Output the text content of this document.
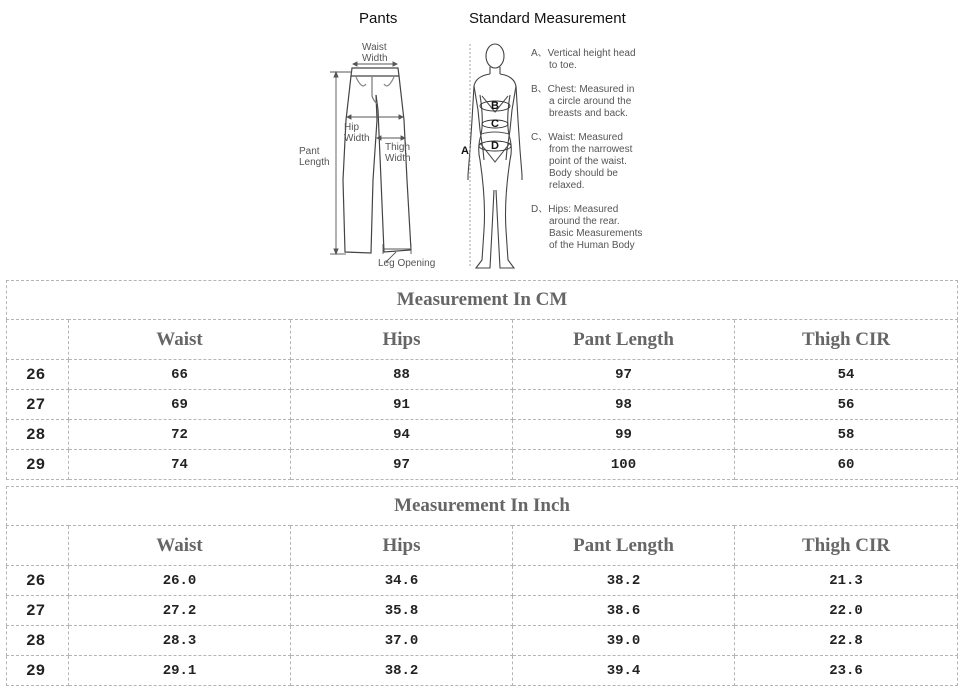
Pants	Standard Measurement
Waist
Width
Hip
Width
Thigh
Width
Pant
Length
Leg Opening
B
C
D
A
A、Vertical height head
to toe.
B、Chest: Measured in
a circle around the
breasts and back.
C、Waist: Measured
from the narrowest
point of the waist.
Body should be
relaxed.
D、Hips: Measured
around the rear.
Basic Measurements
of the Human Body
Measurement In CM				
	Waist	Hips	Pant Length	Thigh CIR
26	66	88	97	54
27	69	91	98	56
28	72	94	99	58
29	74	97	100	60
Measurement In Inch				
	Waist	Hips	Pant Length	Thigh CIR
26	26.0	34.6	38.2	21.3
27	27.2	35.8	38.6	22.0
28	28.3	37.0	39.0	22.8
29	29.1	38.2	39.4	23.6
